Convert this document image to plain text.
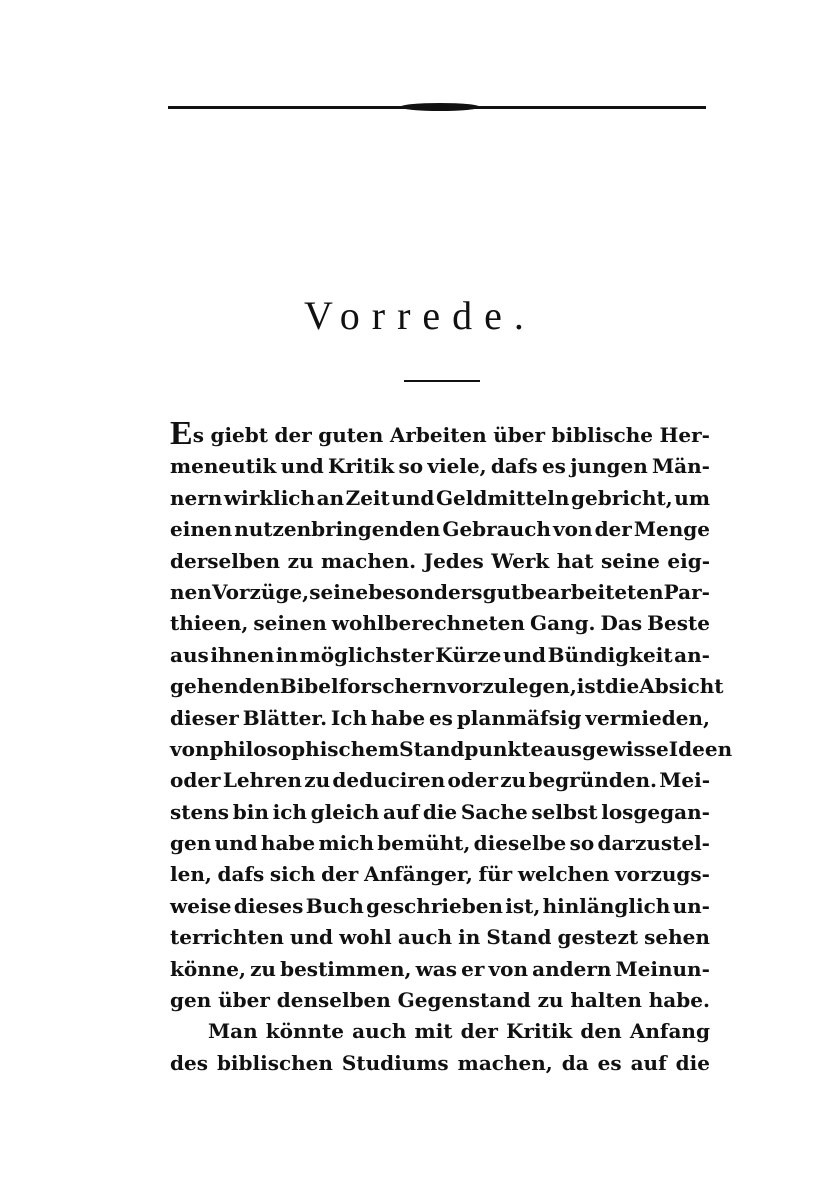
Vorrede.
Es giebt der guten Arbeiten über biblische Her-
meneutik und Kritik so viele, dafs es jungen Män-
nern wirklich an Zeit und Geldmitteln gebricht, um
einen nutzenbringenden Gebrauch von der Menge
derselben zu machen. Jedes Werk hat seine eig-
nen Vorzüge, seine besonders gut bearbeiteten Par-
thieen, seinen wohlberechneten Gang. Das Beste
aus ihnen in möglichster Kürze und Bündigkeit an-
gehenden Bibelforschern vorzulegen, ist die Absicht
dieser Blätter. Ich habe es planmäfsig vermieden,
von philosophischem Standpunkte aus gewisse Ideen
oder Lehren zu deduciren oder zu begründen. Mei-
stens bin ich gleich auf die Sache selbst losgegan-
gen und habe mich bemüht, dieselbe so darzustel-
len, dafs sich der Anfänger, für welchen vorzugs-
weise dieses Buch geschrieben ist, hinlänglich un-
terrichten und wohl auch in Stand gestezt sehen
könne, zu bestimmen, was er von andern Meinun-
gen über denselben Gegenstand zu halten habe.
Man könnte auch mit der Kritik den Anfang
des biblischen Studiums machen, da es auf die
